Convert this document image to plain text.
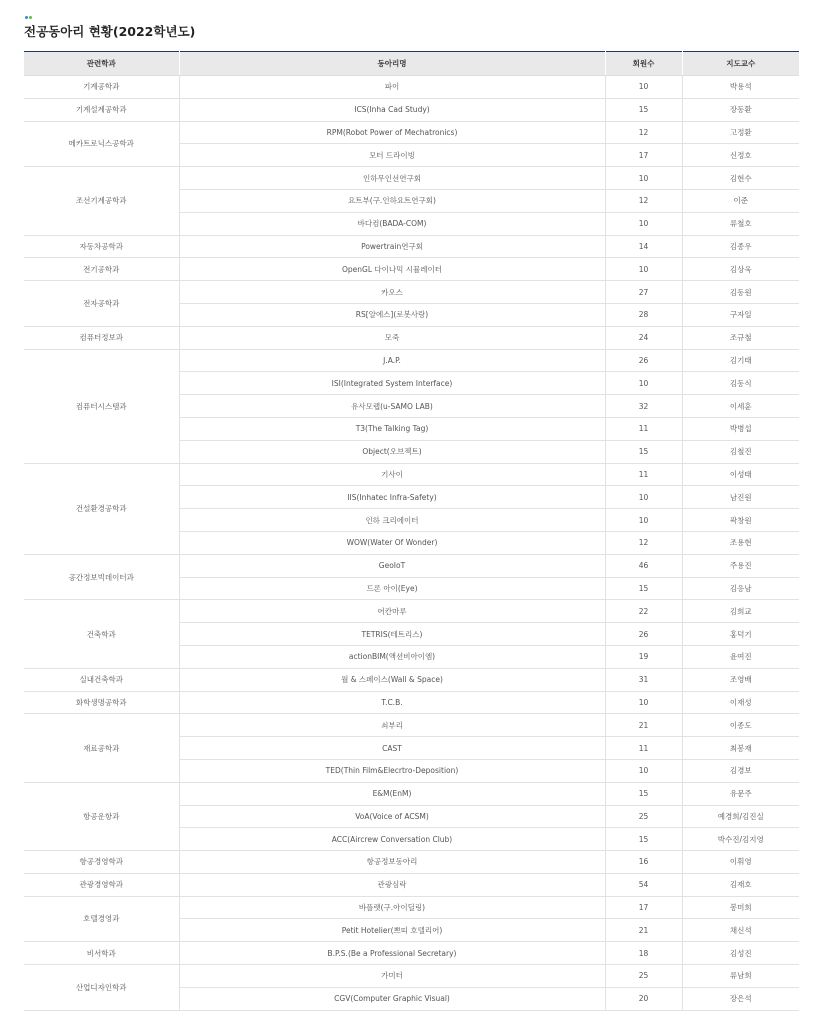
전공동아리 현황(2022학년도)
관련학과	동아리명	회원수	지도교수
기계공학과	파이	10	박용석
기계설계공학과	ICS(Inha Cad Study)	15	장동환
메카트로닉스공학과	RPM(Robot Power of Mechatronics)	12	고정환
	모터 드라이빙	17	신정호
조선기계공학과	인하무인선연구회	10	김현수
	요트부(구.인하요트연구회)	12	이준
	바다컴(BADA-COM)	10	류철호
자동차공학과	Powertrain연구회	14	김종우
전기공학과	OpenGL 다이나믹 시뮬레이터	10	김상욱
전자공학과	카오스	27	김동원
	RS[알에스](로봇사랑)	28	구자일
컴퓨터정보과	모죽	24	조규철
컴퓨터시스템과	J.A.P.	26	김기태
	ISI(Integrated System Interface)	10	김동식
	유사모랩(u-SAMO LAB)	32	이세훈
	T3(The Talking Tag)	11	박병섭
	Object(오브젝트)	15	김철진
건설환경공학과	기사이	11	이성태
	IIS(Inhatec Infra-Safety)	10	남진원
	인하 크리에이터	10	곽창원
	WOW(Water Of Wonder)	12	조용현
공간정보빅데이터과	GeoIoT	46	주용진
	드론 아이(Eye)	15	김응남
건축학과	어칸마루	22	김희교
	TETRIS(테트리스)	26	홍덕기
	actionBIM(액션비아이엠)	19	윤여진
실내건축학과	월 & 스페이스(Wall & Space)	31	조영배
화학생명공학과	T.C.B.	10	이재성
재료공학과	쇠부리	21	이종도
	CAST	11	최봉재
	TED(Thin Film&Elecrtro-Deposition)	10	김경보
항공운항과	E&M(EnM)	15	유문주
	VoA(Voice of ACSM)	25	예경희/김진실
	ACC(Aircrew Conversation Club)	15	박수진/김지영
항공경영학과	항공정보동아리	16	이휘영
관광경영학과	관광심락	54	김재호
호텔경영과	바플렛(구.아이딜링)	17	봉미희
	Petit Hotelier(쁘띠 호텔리어)	21	채신석
비서학과	B.P.S.(Be a Professional Secretary)	18	김성진
산업디자인학과	가미터	25	류남희
	CGV(Computer Graphic Visual)	20	장은석
